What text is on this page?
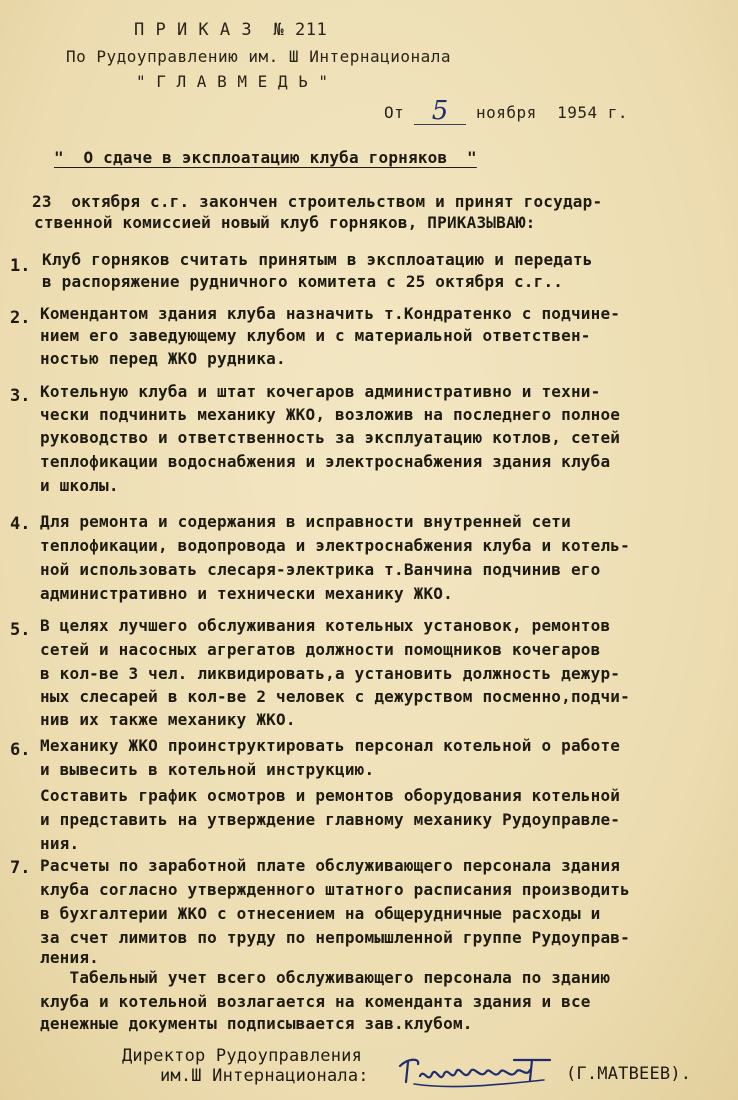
П Р И К А З  № 211
По Рудоуправлению им. Ш Интернационала
" Г Л А В М Е Д Ь "
От	5	ноября  1954 г.
"  О сдаче в эксплоатацию клуба горняков  "
23  октября с.г. закончен строительством и принят государ-
ственной комиссией новый клуб горняков, ПРИКАЗЫВАЮ:
1. Клуб горняков считать принятым в эксплоатацию и передать
в распоряжение рудничного комитета с 25 октября с.г..
2. Комендантом здания клуба назначить т.Кондратенко с подчине-
нием его заведующему клубом и с материальной ответствен-
ностью перед ЖКО рудника.
3. Котельную клуба и штат кочегаров административно и техни-
чески подчинить механику ЖКО, возложив на последнего полное
руководство и ответственность за эксплуатацию котлов, сетей
теплофикации водоснабжения и электроснабжения здания клуба
и школы.
4. Для ремонта и содержания в исправности внутренней сети
теплофикации, водопровода и электроснабжения клуба и котель-
ной использовать слесаря-электрика т.Ванчина подчинив его
административно и технически механику ЖКО.
5. В целях лучшего обслуживания котельных установок, ремонтов
сетей и насосных агрегатов должности помощников кочегаров
в кол-ве 3 чел. ликвидировать,а установить должность дежур-
ных слесарей в кол-ве 2 человек с дежурством посменно,подчи-
нив их также механику ЖКО.
6. Механику ЖКО проинструктировать персонал котельной о работе
и вывесить в котельной инструкцию.
Составить график осмотров и ремонтов оборудования котельной
и представить на утверждение главному механику Рудоуправле-
ния.
7. Расчеты по заработной плате обслуживающего персонала здания
клуба согласно утвержденного штатного расписания производить
в бухгалтерии ЖКО с отнесением на общерудничные расходы и
за счет лимитов по труду по непромышленной группе Рудоуправ-
ления.
Табельный учет всего обслуживающего персонала по зданию
клуба и котельной возлагается на коменданта здания и все
денежные документы подписывается зав.клубом.
Директор Рудоуправления
им.Ш Интернационала:	(Г.МАТВЕЕВ).
